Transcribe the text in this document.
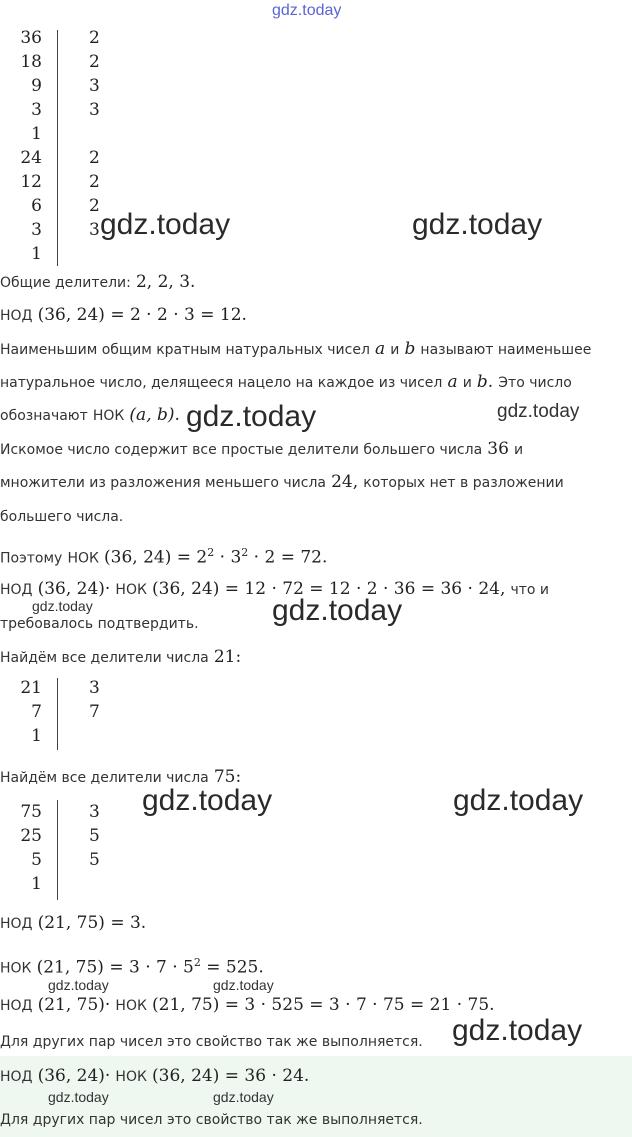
gdz.today
36	2
18	2
9	3
3	3
1
24	2
12	2
6	2
3	3
1
gdz.today	gdz.today
Общие делители: 2, 2, 3.
НОД (36, 24) = 2 · 2 · 3 = 12.
Наименьшим общим кратным натуральных чисел a и b называют наименьшее
натуральное число, делящееся нацело на каждое из чисел a и b. Это число
обозначают НОК (a, b). gdz.today	gdz.today
Искомое число содержит все простые делители большего числа 36 и
множители из разложения меньшего числа 24, которых нет в разложении
большего числа.
Поэтому НОК (36, $24) = 2^2 \cdot 3^2 \cdot 2 = 72$.
НОД (36, 24)· НОК (36, 24) = 12 · 72 = 12 · 2 · 36 = 36 · 24, что и
gdz.today	gdz.today
требовалось подтвердить.
Найдём все делители числа 21:
21	3
7	7
1
Найдём все делители числа 75:
75	3
25	5
5	5
1
gdz.today	gdz.today
НОД (21, 75) = 3.
НОК (21, $75) = 3 \cdot 7 \cdot 5^2 = 525$.
gdz.today	gdz.today
НОД (21, 75)· НОК (21, 75) = 3 · 525 = 3 · 7 · 75 = 21 · 75.
Для других пар чисел это свойство так же выполняется. gdz.today
НОД (36, 24)· НОК (36, 24) = 36 · 24.
gdz.today	gdz.today
Для других пар чисел это свойство так же выполняется.
